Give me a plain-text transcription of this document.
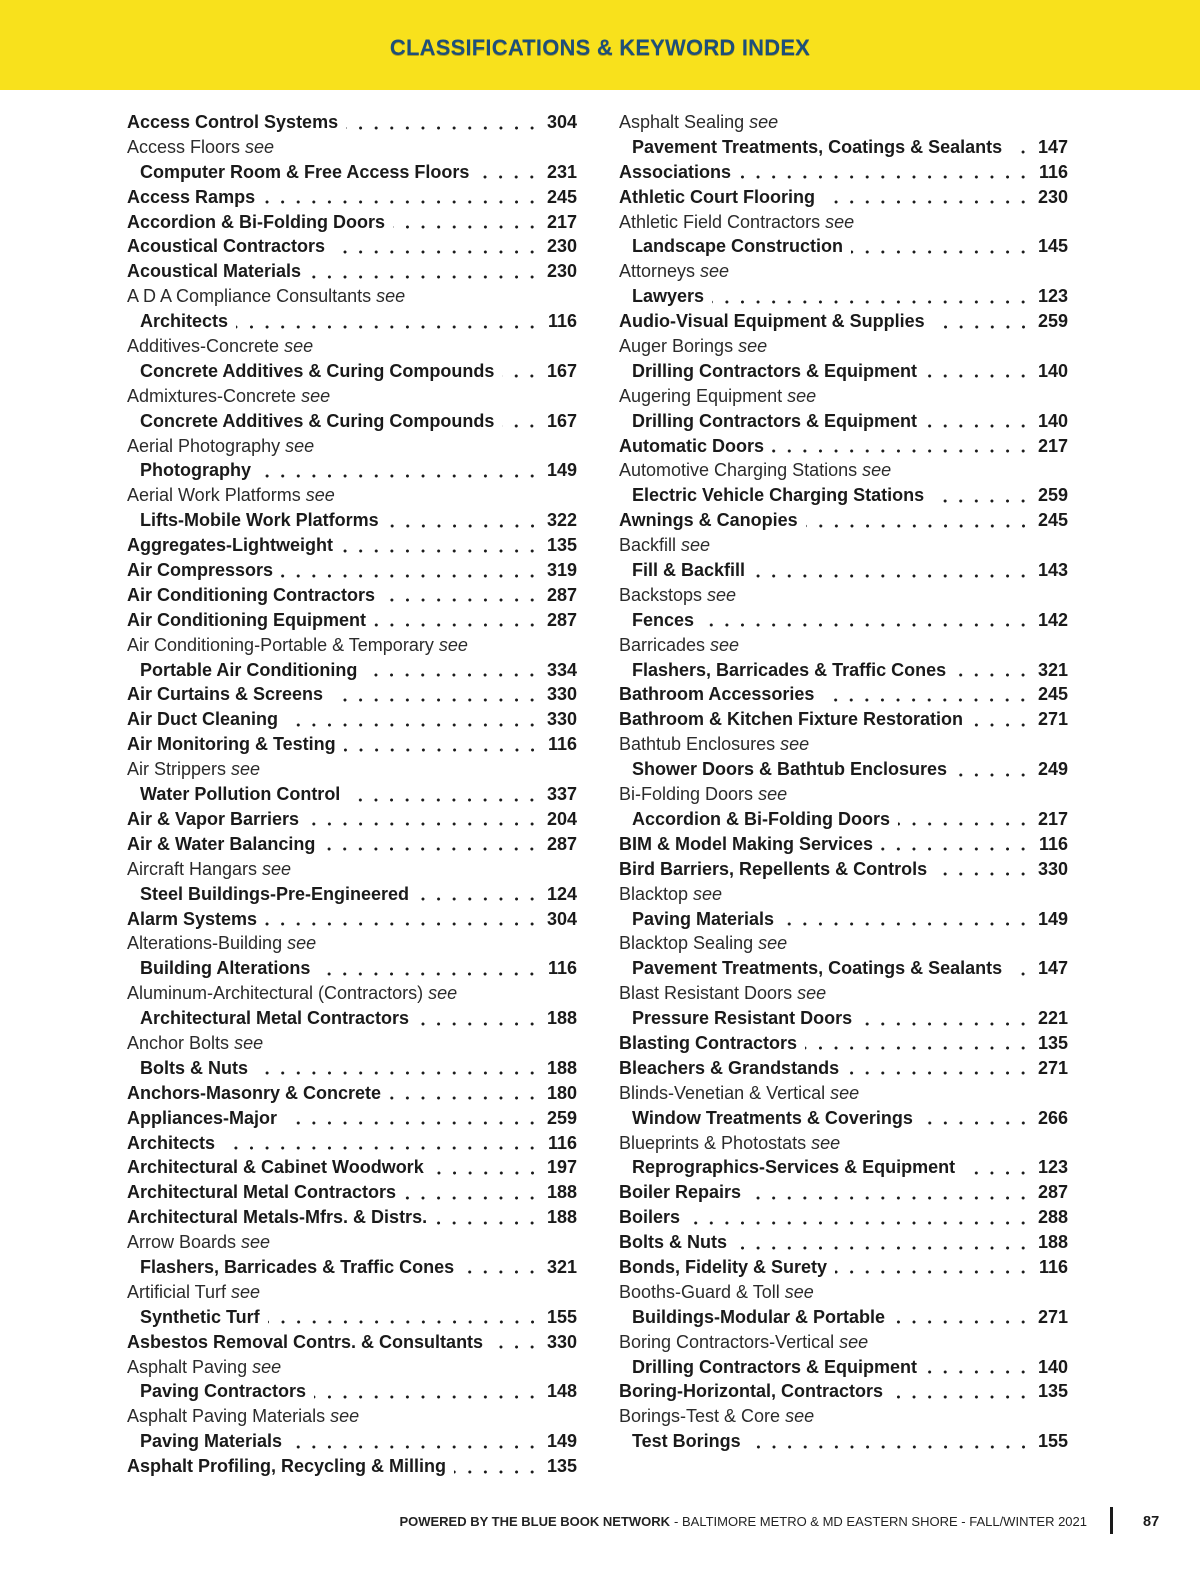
CLASSIFICATIONS & KEYWORD INDEX
Access Control Systems	304
Access Floors see
Computer Room & Free Access Floors	231
Access Ramps	245
Accordion & Bi-Folding Doors	217
Acoustical Contractors	230
Acoustical Materials	230
A D A Compliance Consultants see
Architects	116
Additives-Concrete see
Concrete Additives & Curing Compounds	167
Admixtures-Concrete see
Concrete Additives & Curing Compounds	167
Aerial Photography see
Photography	149
Aerial Work Platforms see
Lifts-Mobile Work Platforms	322
Aggregates-Lightweight	135
Air Compressors	319
Air Conditioning Contractors	287
Air Conditioning Equipment	287
Air Conditioning-Portable & Temporary see
Portable Air Conditioning	334
Air Curtains & Screens	330
Air Duct Cleaning	330
Air Monitoring & Testing	116
Air Strippers see
Water Pollution Control	337
Air & Vapor Barriers	204
Air & Water Balancing	287
Aircraft Hangars see
Steel Buildings-Pre-Engineered	124
Alarm Systems	304
Alterations-Building see
Building Alterations	116
Aluminum-Architectural (Contractors) see
Architectural Metal Contractors	188
Anchor Bolts see
Bolts & Nuts	188
Anchors-Masonry & Concrete	180
Appliances-Major	259
Architects	116
Architectural & Cabinet Woodwork	197
Architectural Metal Contractors	188
Architectural Metals-Mfrs. & Distrs.	188
Arrow Boards see
Flashers, Barricades & Traffic Cones	321
Artificial Turf see
Synthetic Turf	155
Asbestos Removal Contrs. & Consultants	330
Asphalt Paving see
Paving Contractors	148
Asphalt Paving Materials see
Paving Materials	149
Asphalt Profiling, Recycling & Milling	135
Asphalt Sealing see
Pavement Treatments, Coatings & Sealants 147
Associations	116
Athletic Court Flooring	230
Athletic Field Contractors see
Landscape Construction	145
Attorneys see
Lawyers	123
Audio-Visual Equipment & Supplies	259
Auger Borings see
Drilling Contractors & Equipment	140
Augering Equipment see
Drilling Contractors & Equipment	140
Automatic Doors	217
Automotive Charging Stations see
Electric Vehicle Charging Stations	259
Awnings & Canopies	245
Backfill see
Fill & Backfill	143
Backstops see
Fences	142
Barricades see
Flashers, Barricades & Traffic Cones	321
Bathroom Accessories	245
Bathroom & Kitchen Fixture Restoration	271
Bathtub Enclosures see
Shower Doors & Bathtub Enclosures	249
Bi-Folding Doors see
Accordion & Bi-Folding Doors	217
BIM & Model Making Services	116
Bird Barriers, Repellents & Controls	330
Blacktop see
Paving Materials	149
Blacktop Sealing see
Pavement Treatments, Coatings & Sealants 147
Blast Resistant Doors see
Pressure Resistant Doors	221
Blasting Contractors	135
Bleachers & Grandstands	271
Blinds-Venetian & Vertical see
Window Treatments & Coverings	266
Blueprints & Photostats see
Reprographics-Services & Equipment	123
Boiler Repairs	287
Boilers	288
Bolts & Nuts	188
Bonds, Fidelity & Surety	116
Booths-Guard & Toll see
Buildings-Modular & Portable	271
Boring Contractors-Vertical see
Drilling Contractors & Equipment	140
Boring-Horizontal, Contractors	135
Borings-Test & Core see
Test Borings	155
POWERED BY THE BLUE BOOK NETWORK - BALTIMORE METRO & MD EASTERN SHORE - FALL/WINTER 2021	87
